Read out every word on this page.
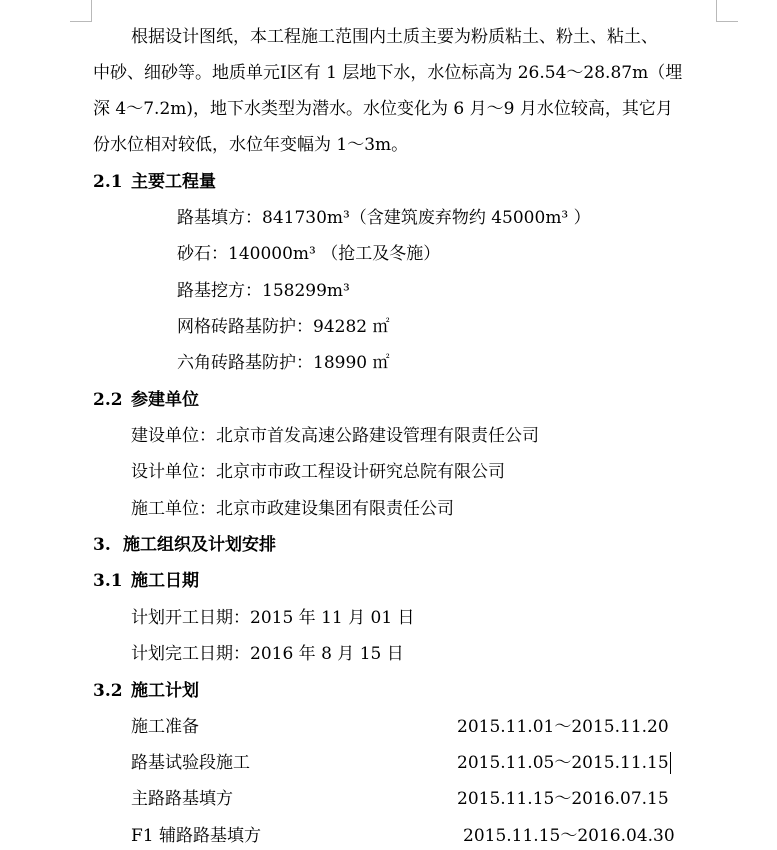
根据设计图纸，本工程施工范围内土质主要为粉质粘土、粉土、粘土、
中砂、细砂等。地质单元Ⅰ区有 1 层地下水，水位标高为 26.54～28.87m（埋
深 4～7.2m)，地下水类型为潜水。水位变化为 6 月～9 月水位较高，其它月
份水位相对较低，水位年变幅为 1～3m。
2.1 主要工程量
路基填方：841730m³（含建筑废弃物约 45000m³ ）
砂石：140000m³ （抢工及冬施）
路基挖方：158299m³
网格砖路基防护：94282 ㎡
六角砖路基防护：18990 ㎡
2.2 参建单位
建设单位：北京市首发高速公路建设管理有限责任公司
设计单位：北京市市政工程设计研究总院有限公司
施工单位：北京市政建设集团有限责任公司
3. 施工组织及计划安排
3.1 施工日期
计划开工日期：2015 年 11 月 01 日
计划完工日期：2016 年 8 月 15 日
3.2 施工计划
施工准备	2015.11.01～2015.11.20
路基试验段施工	2015.11.05～2015.11.15
主路路基填方	2015.11.15～2016.07.15
F1 辅路路基填方	2015.11.15～2016.04.30
